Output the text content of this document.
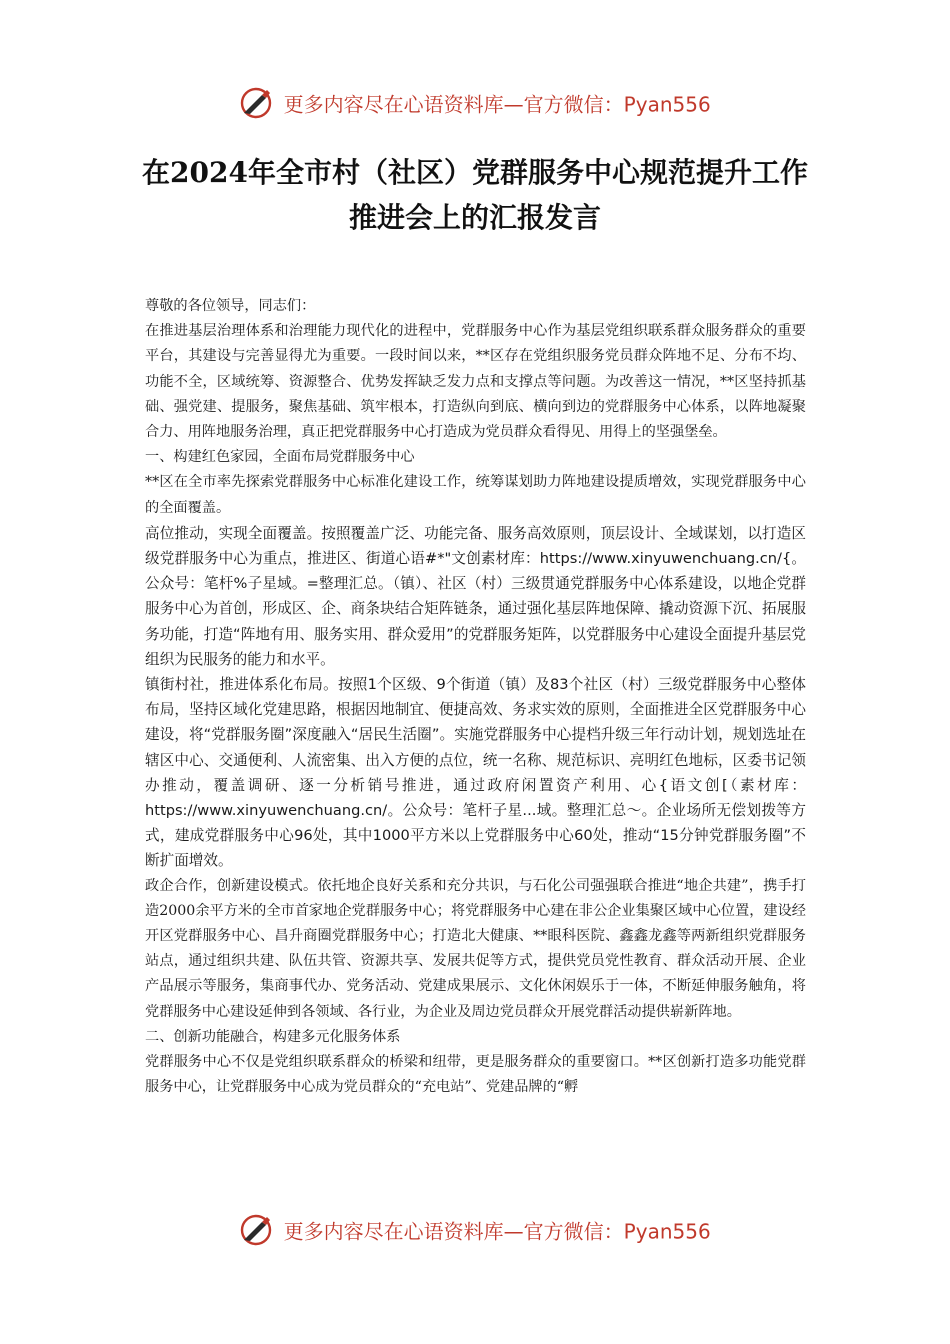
更多内容尽在心语资料库—官方微信：Pyan556
在2024年全市村（社区）党群服务中心规范提升工作推进会上的汇报发言

尊敬的各位领导，同志们：

在推进基层治理体系和治理能力现代化的进程中，党群服务中心作为基层党组织联系群众服务群众的重要平台，其建设与完善显得尤为重要。一段时间以来，**区存在党组织服务党员群众阵地不足、分布不均、功能不全，区域统筹、资源整合、优势发挥缺乏发力点和支撑点等问题。为改善这一情况，**区坚持抓基础、强党建、提服务，聚焦基础、筑牢根本，打造纵向到底、横向到边的党群服务中心体系，以阵地凝聚合力、用阵地服务治理，真正把党群服务中心打造成为党员群众看得见、用得上的坚强堡垒。

一、构建红色家园，全面布局党群服务中心

**区在全市率先探索党群服务中心标准化建设工作，统筹谋划助力阵地建设提质增效，实现党群服务中心的全面覆盖。

高位推动，实现全面覆盖。按照覆盖广泛、功能完备、服务高效原则，顶层设计、全域谋划，以打造区级党群服务中心为重点，推进区、街道心语#*"文创素材库：https://www.xinyuwenchuang.cn/{。公众号：笔杆%子星域。=整理汇总。（镇）、社区（村）三级贯通党群服务中心体系建设，以地企党群服务中心为首创，形成区、企、商条块结合矩阵链条，通过强化基层阵地保障、撬动资源下沉、拓展服务功能，打造“阵地有用、服务实用、群众爱用”的党群服务矩阵，以党群服务中心建设全面提升基层党组织为民服务的能力和水平。

镇街村社，推进体系化布局。按照1个区级、9个街道（镇）及83个社区（村）三级党群服务中心整体布局，坚持区域化党建思路，根据因地制宜、便捷高效、务求实效的原则，全面推进全区党群服务中心建设，将“党群服务圈”深度融入“居民生活圈”。实施党群服务中心提档升级三年行动计划，规划选址在辖区中心、交通便利、人流密集、出入方便的点位，统一名称、规范标识、亮明红色地标，区委书记领办推动，覆盖调研、逐一分析销号推进，通过政府闲置资产利用、心{语文创[（素材库：https://www.xinyuwenchuang.cn/。公众号：笔杆子星...域。整理汇总～。企业场所无偿划拨等方式，建成党群服务中心96处，其中1000平方米以上党群服务中心60处，推动“15分钟党群服务圈”不断扩面增效。

政企合作，创新建设模式。依托地企良好关系和充分共识，与石化公司强强联合推进“地企共建”，携手打造2000余平方米的全市首家地企党群服务中心；将党群服务中心建在非公企业集聚区域中心位置，建设经开区党群服务中心、昌升商圈党群服务中心；打造北大健康、**眼科医院、鑫鑫龙鑫等两新组织党群服务站点，通过组织共建、队伍共管、资源共享、发展共促等方式，提供党员党性教育、群众活动开展、企业产品展示等服务，集商事代办、党务活动、党建成果展示、文化休闲娱乐于一体，不断延伸服务触角，将党群服务中心建设延伸到各领域、各行业，为企业及周边党员群众开展党群活动提供崭新阵地。

二、创新功能融合，构建多元化服务体系

党群服务中心不仅是党组织联系群众的桥梁和纽带，更是服务群众的重要窗口。**区创新打造多功能党群服务中心，让党群服务中心成为党员群众的“充电站”、党建品牌的“孵

更多内容尽在心语资料库—官方微信：Pyan556
